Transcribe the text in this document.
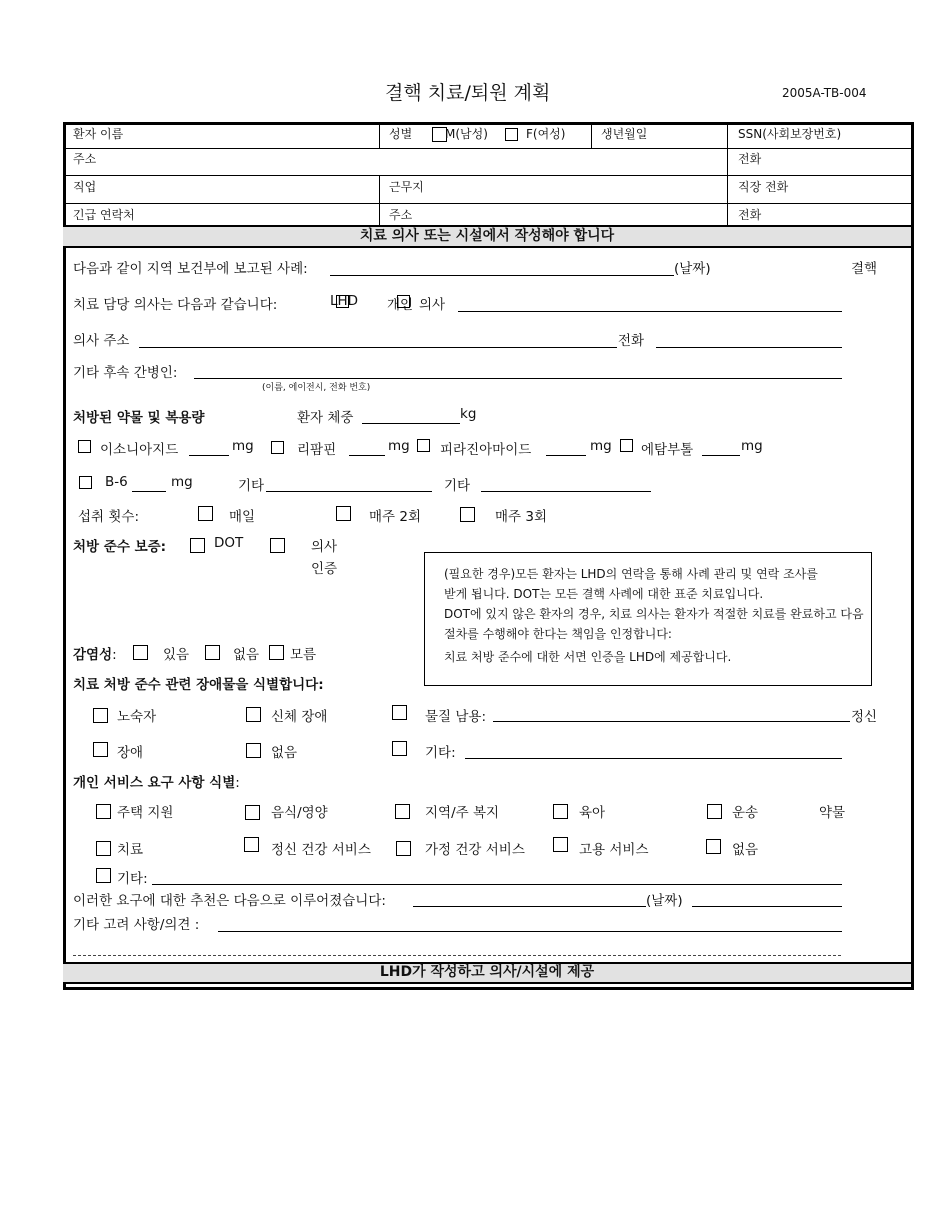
결핵 치료/퇴원 계획	2005A-TB-004
환자 이름	성별	M(남성)	F(여성)	생년월일	SSN(사회보장번호)
주소	전화
직업	근무지	직장 전화
긴급 연락처	주소	전화
치료 의사 또는 시설에서 작성해야 합니다
다음과 같이 지역 보건부에 보고된 사례:	(날짜)	결핵
치료 담당 의사는 다음과 같습니다:	LHD 개인 의사
의사 주소	전화
기타 후속 간병인:
(이름, 에이전시, 전화 번호)
처방된 약물 및 복용량	환자 체중	kg
이소니아지드	mg	리팜핀	mg 피라진아마이드	mg 에탐부톨	mg
B-6	mg	기타	기타
섭취 횟수:	매일	매주 2회	매주 3회
처방 준수 보증:	DOT	의사
인증	(필요한 경우)모든 환자는 LHD의 연락을 통해 사례 관리 및 연락 조사를
받게 됩니다. DOT는 모든 결핵 사례에 대한 표준 치료입니다.
DOT에 있지 않은 환자의 경우, 치료 의사는 환자가 적절한 치료를 완료하고 다음
절차를 수행해야 한다는 책임을 인정합니다:
치료 처방 준수에 대한 서면 인증을 LHD에 제공합니다.
감염성:	있음	없음 모름
치료 처방 준수 관련 장애물을 식별합니다:
노숙자	신체 장애	물질 남용:	정신
장애	없음	기타:
개인 서비스 요구 사항 식별:
주택 지원	음식/영양	지역/주 복지	육아	운송	약물
치료	정신 건강 서비스	가정 건강 서비스	고용 서비스	없음
기타:
이러한 요구에 대한 추천은 다음으로 이루어졌습니다:	(날짜)
기타 고려 사항/의견 :
LHD가 작성하고 의사/시설에 제공
